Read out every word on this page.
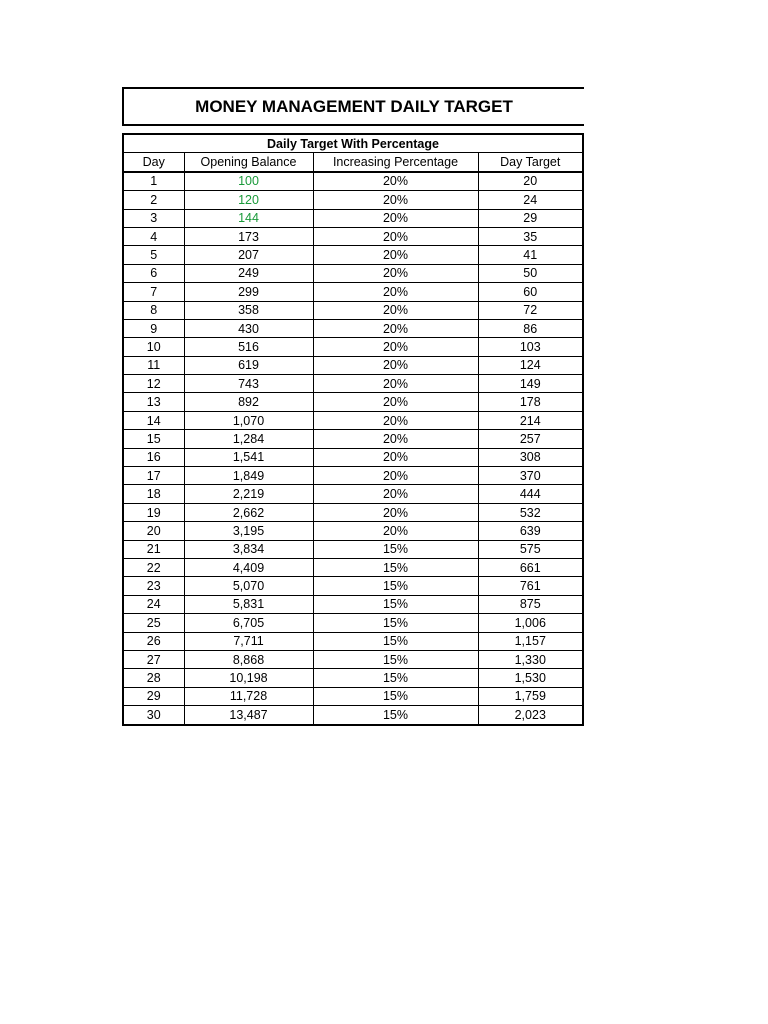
MONEY MANAGEMENT DAILY TARGET
Daily Target With Percentage			
Day	Opening Balance	Increasing Percentage	Day Target
1	100	20%	20
2	120	20%	24
3	144	20%	29
4	173	20%	35
5	207	20%	41
6	249	20%	50
7	299	20%	60
8	358	20%	72
9	430	20%	86
10	516	20%	103
11	619	20%	124
12	743	20%	149
13	892	20%	178
14	1,070	20%	214
15	1,284	20%	257
16	1,541	20%	308
17	1,849	20%	370
18	2,219	20%	444
19	2,662	20%	532
20	3,195	20%	639
21	3,834	15%	575
22	4,409	15%	661
23	5,070	15%	761
24	5,831	15%	875
25	6,705	15%	1,006
26	7,711	15%	1,157
27	8,868	15%	1,330
28	10,198	15%	1,530
29	11,728	15%	1,759
30	13,487	15%	2,023
